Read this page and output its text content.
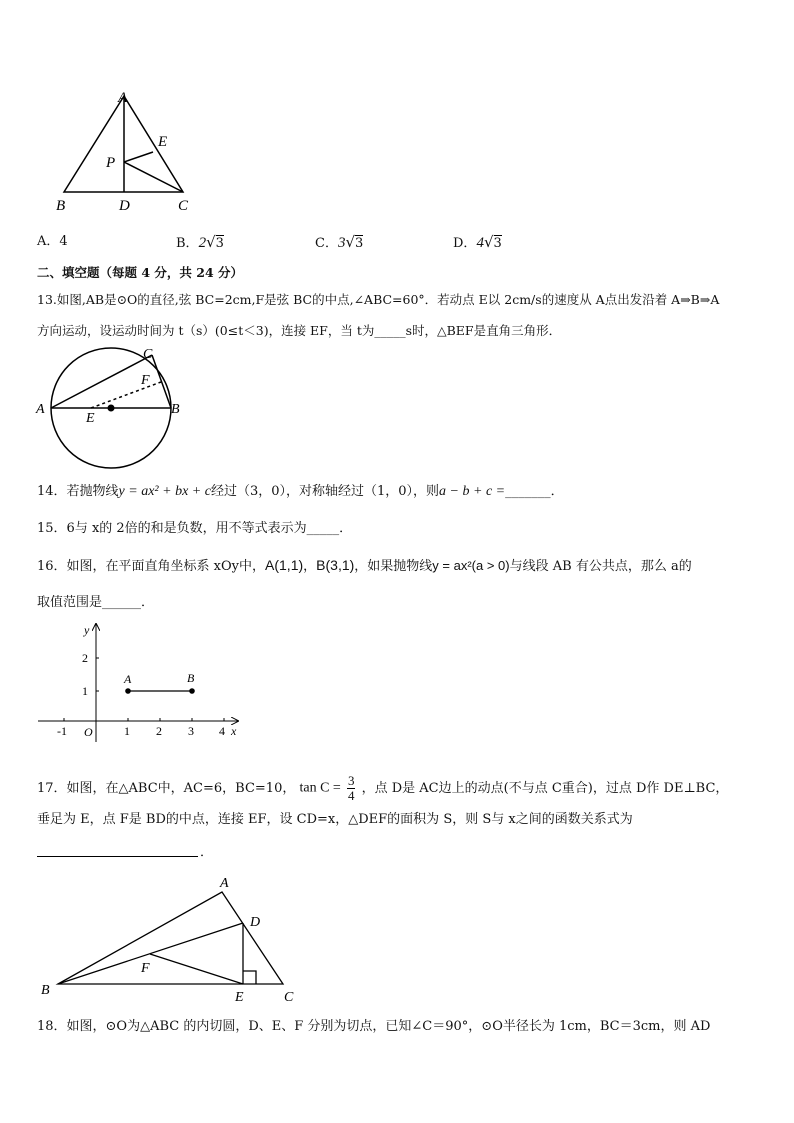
A
E
P
B	D	C
A．4	B．2√3	C．3√3	D．4√3
二、填空题（每题 4 分，共 24 分）
13.如图,AB是⊙O的直径,弦 BC=2cm,F是弦 BC的中点,∠ABC=60°．若动点 E以 2cm/s的速度从 A点出发沿着 A⇒B⇒A
方向运动，设运动时间为 t（s）(0≤t＜3)，连接 EF，当 t为_____s时，△BEF是直角三角形．
C
F
A	B
E
14．若抛物线y = ax² + bx + c经过（3，0），对称轴经过（1，0），则a − b + c =_______．
15．6与 x的 2倍的和是负数，用不等式表示为_____．
16．如图，在平面直角坐标系 xOy中，A(1,1)，B(3,1)，如果抛物线y = ax²(a > 0)与线段 AB 有公共点，那么 a的
取值范围是______．
y
2
1
A	B
-1 O	1 2 3 4 x
17．如图，在△ABC中，AC=6，BC=10， $\tan C = \frac{3}{4}$ ，点 D是 AC边上的动点(不与点 C重合)，过点 D作 DE⊥BC，
垂足为 E，点 F是 BD的中点，连接 EF，设 CD=x，△DEF的面积为 S，则 S与 x之间的函数关系式为
．
A
D
F
B	E	C
18．如图，⊙O为△ABC 的内切圆，D、E、F 分别为切点，已知∠C＝90°，⊙O半径长为 1cm，BC＝3cm，则 AD
